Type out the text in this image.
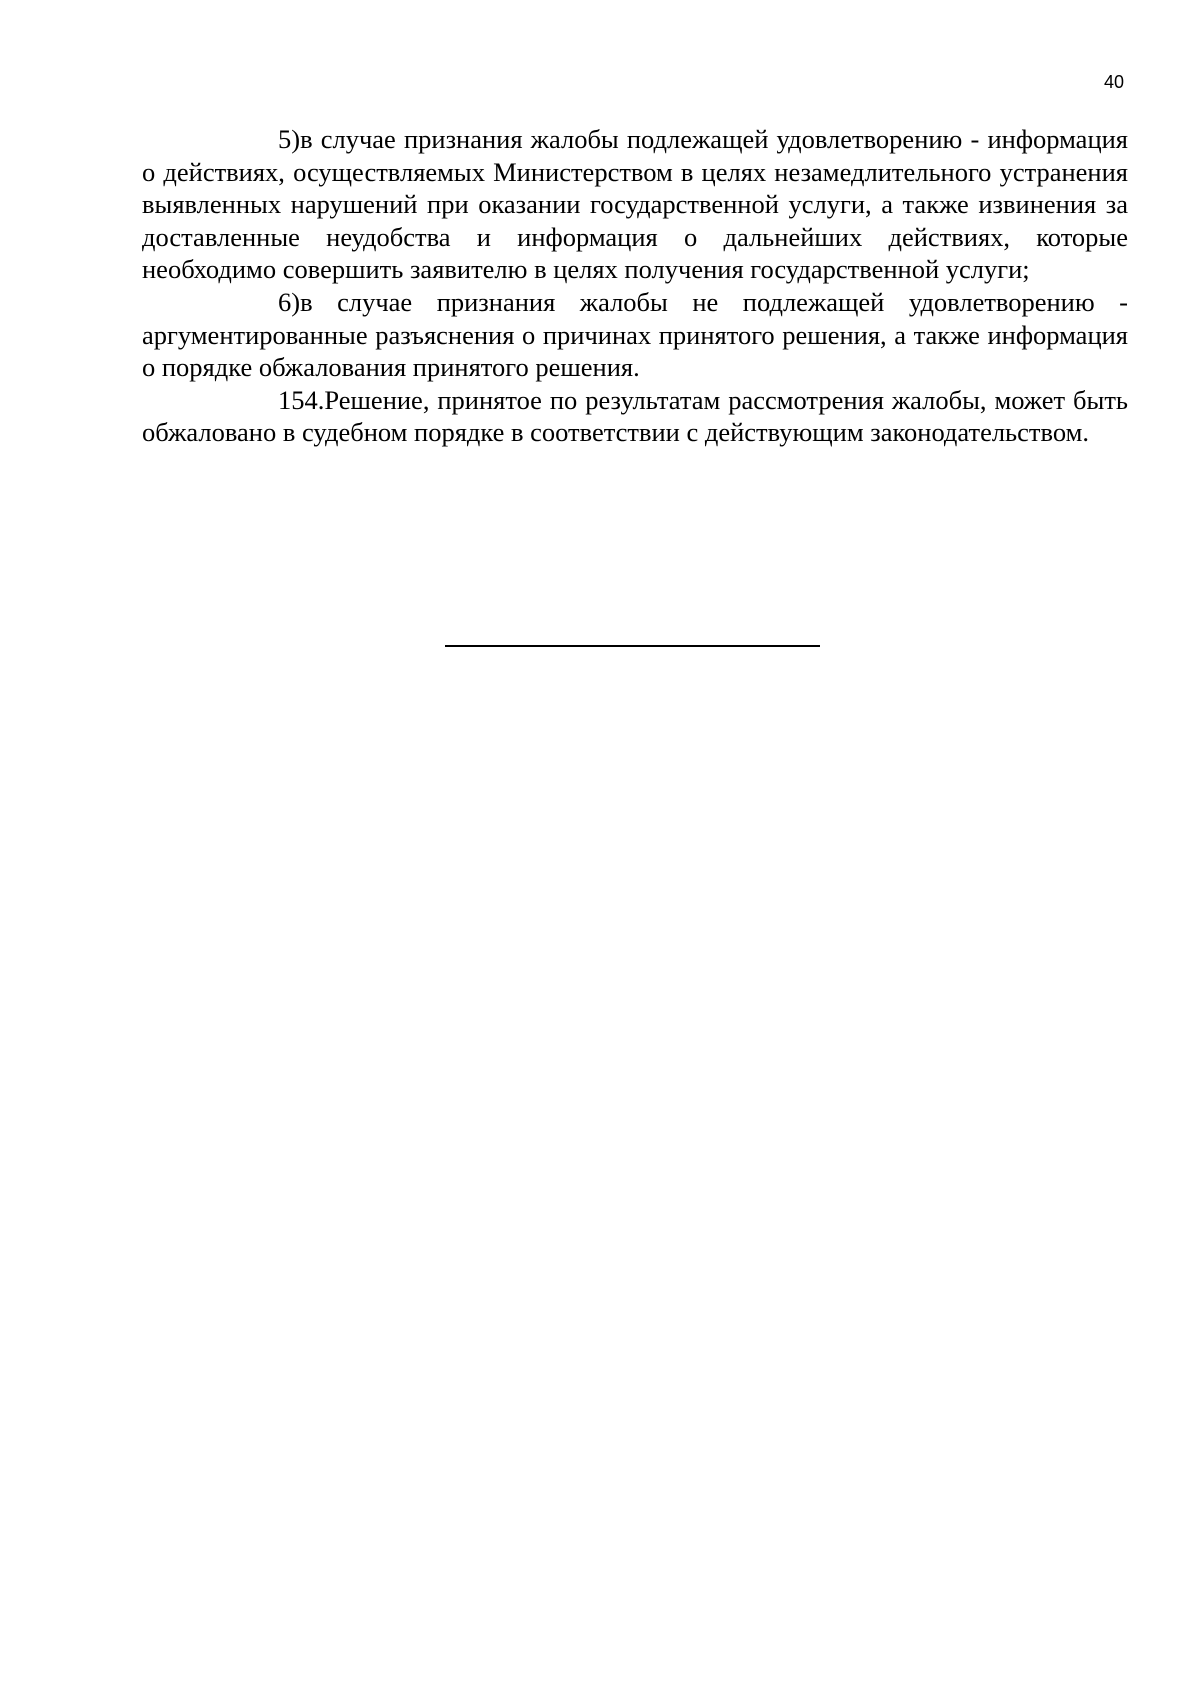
40

5)в случае признания жалобы подлежащей удовлетворению - информация о действиях, осуществляемых Министерством в целях незамедлительного устранения выявленных нарушений при оказании государственной услуги, а также извинения за доставленные неудобства и информация о дальнейших действиях, которые необходимо совершить заявителю в целях получения государственной услуги;

6)в случае признания жалобы не подлежащей удовлетворению - аргументированные разъяснения о причинах принятого решения, а также информация о порядке обжалования принятого решения.

154.Решение, принятое по результатам рассмотрения жалобы, может быть обжаловано в судебном порядке в соответствии с действующим законодательством.
